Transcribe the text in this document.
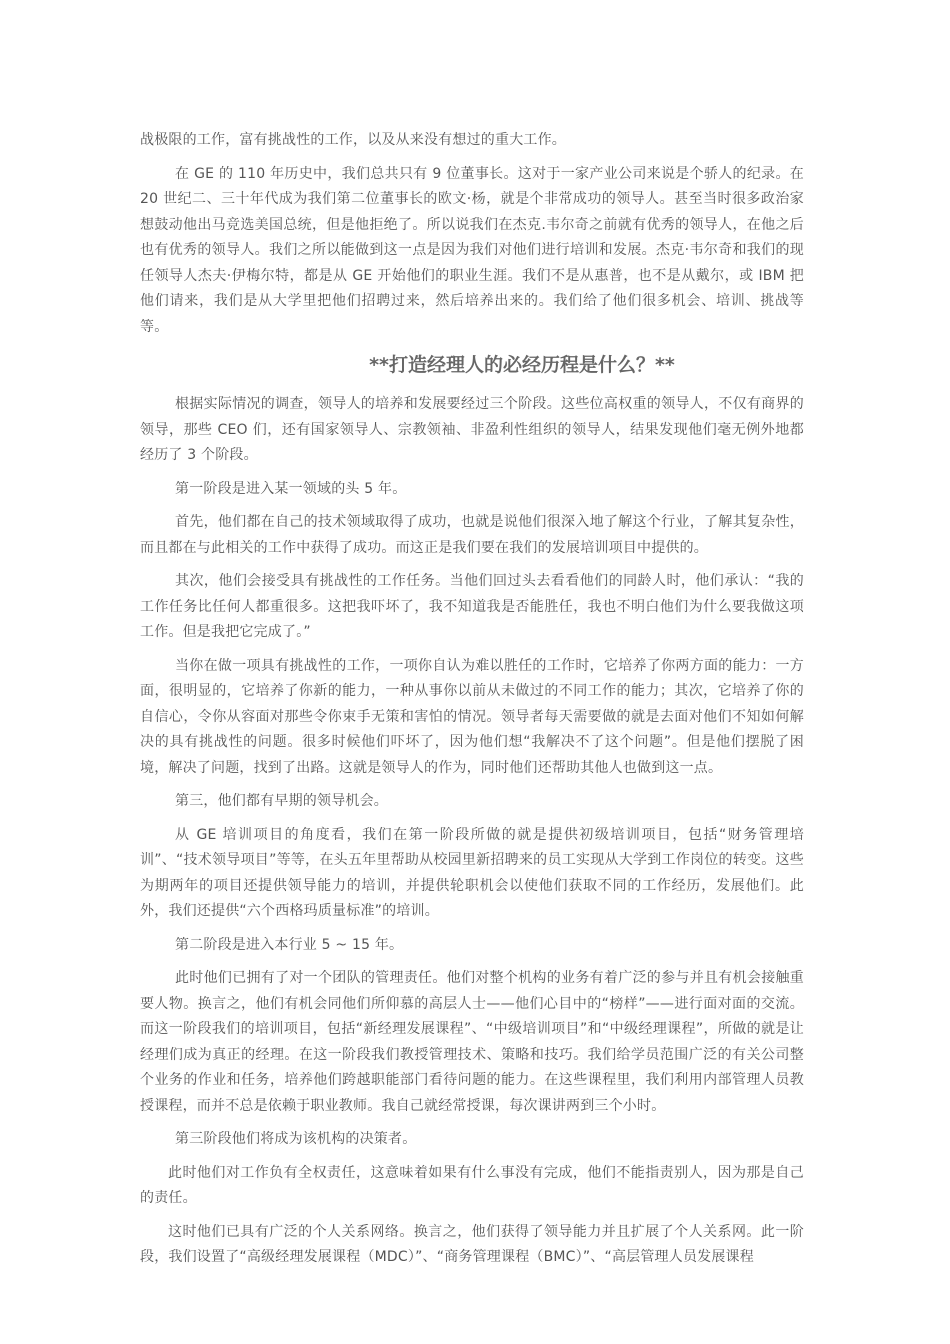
战极限的工作，富有挑战性的工作，以及从来没有想过的重大工作。

在 GE 的 110 年历史中，我们总共只有 9 位董事长。这对于一家产业公司来说是个骄人的纪录。在 20 世纪二、三十年代成为我们第二位董事长的欧文·杨，就是个非常成功的领导人。甚至当时很多政治家想鼓动他出马竞选美国总统，但是他拒绝了。所以说我们在杰克.韦尔奇之前就有优秀的领导人，在他之后也有优秀的领导人。我们之所以能做到这一点是因为我们对他们进行培训和发展。杰克·韦尔奇和我们的现任领导人杰夫·伊梅尔特，都是从 GE 开始他们的职业生涯。我们不是从惠普，也不是从戴尔，或 IBM 把他们请来，我们是从大学里把他们招聘过来，然后培养出来的。我们给了他们很多机会、培训、挑战等等。

**打造经理人的必经历程是什么？**

根据实际情况的调查，领导人的培养和发展要经过三个阶段。这些位高权重的领导人，不仅有商界的领导，那些 CEO 们，还有国家领导人、宗教领袖、非盈利性组织的领导人，结果发现他们毫无例外地都经历了 3 个阶段。

第一阶段是进入某一领域的头 5 年。

首先，他们都在自己的技术领域取得了成功，也就是说他们很深入地了解这个行业，了解其复杂性，而且都在与此相关的工作中获得了成功。而这正是我们要在我们的发展培训项目中提供的。

其次，他们会接受具有挑战性的工作任务。当他们回过头去看看他们的同龄人时，他们承认：“我的工作任务比任何人都重很多。这把我吓坏了，我不知道我是否能胜任，我也不明白他们为什么要我做这项工作。但是我把它完成了。”

当你在做一项具有挑战性的工作，一项你自认为难以胜任的工作时，它培养了你两方面的能力：一方面，很明显的，它培养了你新的能力，一种从事你以前从未做过的不同工作的能力；其次，它培养了你的自信心，令你从容面对那些令你束手无策和害怕的情况。领导者每天需要做的就是去面对他们不知如何解决的具有挑战性的问题。很多时候他们吓坏了，因为他们想“我解决不了这个问题”。但是他们摆脱了困境，解决了问题，找到了出路。这就是领导人的作为，同时他们还帮助其他人也做到这一点。

第三，他们都有早期的领导机会。

从 GE 培训项目的角度看，我们在第一阶段所做的就是提供初级培训项目，包括“财务管理培训”、“技术领导项目”等等，在头五年里帮助从校园里新招聘来的员工实现从大学到工作岗位的转变。这些为期两年的项目还提供领导能力的培训，并提供轮职机会以使他们获取不同的工作经历，发展他们。此外，我们还提供“六个西格玛质量标准”的培训。

第二阶段是进入本行业 5 ~ 15 年。

此时他们已拥有了对一个团队的管理责任。他们对整个机构的业务有着广泛的参与并且有机会接触重要人物。换言之，他们有机会同他们所仰慕的高层人士——他们心目中的“榜样”——进行面对面的交流。而这一阶段我们的培训项目，包括“新经理发展课程”、“中级培训项目”和“中级经理课程”，所做的就是让经理们成为真正的经理。在这一阶段我们教授管理技术、策略和技巧。我们给学员范围广泛的有关公司整个业务的作业和任务，培养他们跨越职能部门看待问题的能力。在这些课程里，我们利用内部管理人员教授课程，而并不总是依赖于职业教师。我自己就经常授课，每次课讲两到三个小时。

第三阶段他们将成为该机构的决策者。

此时他们对工作负有全权责任，这意味着如果有什么事没有完成，他们不能指责别人，因为那是自己的责任。

这时他们已具有广泛的个人关系网络。换言之，他们获得了领导能力并且扩展了个人关系网。此一阶段，我们设置了“高级经理发展课程（MDC）”、“商务管理课程（BMC）”、“高层管理人员发展课程
